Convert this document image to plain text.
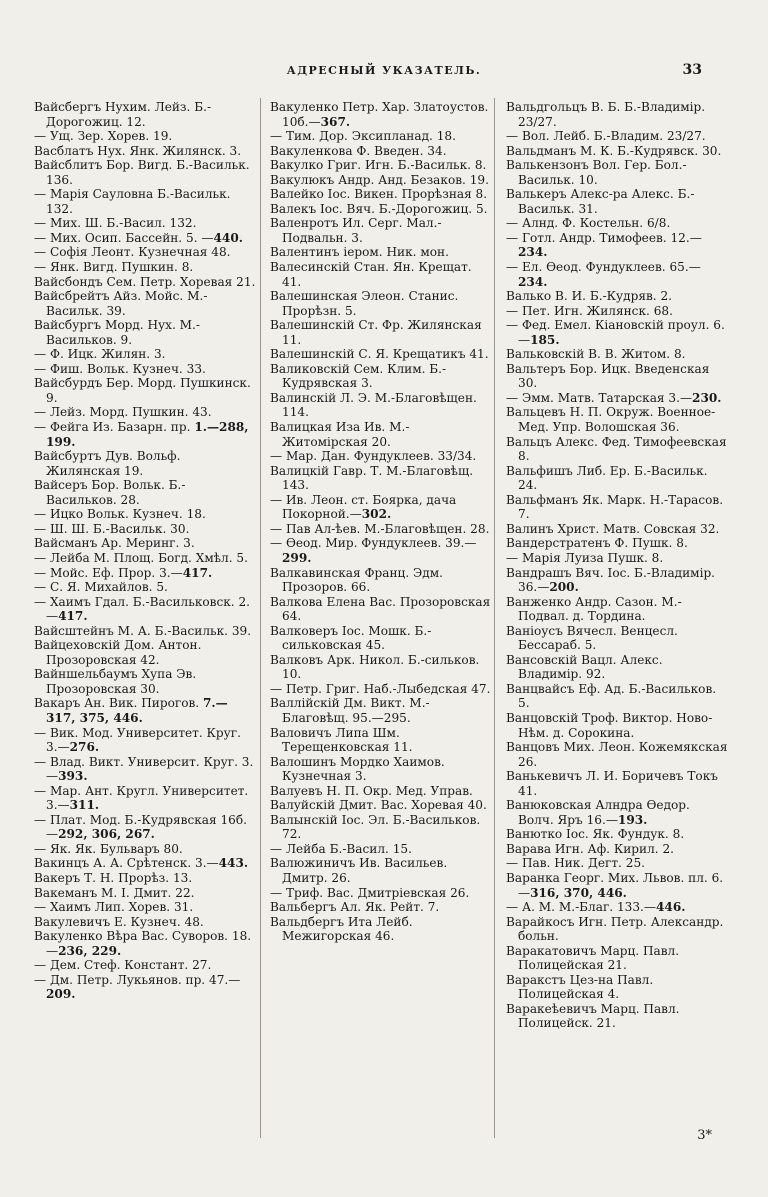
АДРЕСНЫЙ УКАЗАТЕЛЬ.	33

Вайсбергъ Нухим. Лейз. Б.-Дорогожиц. 12.

— Ущ. Зер. Хорев. 19.

Васблатъ Нух. Янк. Жилянск. 3.

Вайсблитъ Бор. Вигд. Б.-Васильк. 136.

— Марія Сауловна Б.-Васильк. 132.

— Мих. Ш. Б.-Васил. 132.

— Мих. Осип. Бассейн. 5. —440.

— Софія Леонт. Кузнечная 48.

— Янк. Вигд. Пушкин. 8.

Вайсбондъ Сем. Петр. Хоревая 21.

Вайсбрейтъ Айз. Мойс. М.-Васильк. 39.

Вайсбургъ Морд. Нух. М.-Васильков. 9.

— Ф. Ицк. Жилян. 3.

— Фиш. Вольк. Кузнеч. 33.

Вайсбурдъ Бер. Морд. Пушкинск. 9.

— Лейз. Морд. Пушкин. 43.

— Фейга Из. Базарн. пр. 1.—288, 199.

Вайсбуртъ Дув. Вольф. Жилянская 19.

Вайсеръ Бор. Вольк. Б.-Васильков. 28.

— Ицко Вольк. Кузнеч. 18.

— Ш. Ш. Б.-Васильк. 30.

Вайсманъ Ар. Меринг. 3.

— Лейба М. Площ. Богд. Хмѣл. 5.

— Мойс. Еф. Прор. 3.—417.

— С. Я. Михайлов. 5.

— Хаимъ Гдал. Б.-Васильковск. 2.—417.

Вайсштейнъ М. А. Б.-Васильк. 39.

Вайцеховскій Дом. Антон. Прозоровская 42.

Вайншельбаумъ Хупа Эв. Прозоровская 30.

Вакаръ Ан. Вик. Пирогов. 7.—317, 375, 446.

— Вик. Мод. Университет. Круг. 3.—276.

— Влад. Викт. Университ. Круг. 3.—393.

— Мар. Ант. Кругл. Университет. 3.—311.

— Плат. Мод. Б.-Кудрявская 16б.—292, 306, 267.

— Як. Як. Бульваръ 80.

Вакинцъ А. А. Срѣтенск. 3.—443.

Вакеръ Т. Н. Прорѣз. 13.

Вакеманъ М. І. Дмит. 22.

— Хаимъ Лип. Хорев. 31.

Вакулевичъ Е. Кузнеч. 48.

Вакуленко Вѣра Вас. Суворов. 18.—236, 229.

— Дем. Стеф. Констант. 27.

— Дм. Петр. Лукьянов. пр. 47.—209.

Вакуленко Петр. Хар. Златоустов. 10б.—367.

— Тим. Дор. Эксипланад. 18.

Вакуленкова Ф. Введен. 34.

Вакулко Григ. Игн. Б.-Васильк. 8.

Вакулюкъ Андр. Анд. Безаков. 19.

Валейко Іос. Викен. Прорѣзная 8.

Валекъ Іос. Вяч. Б.-Дорогожиц. 5.

Валенротъ Ил. Серг. Мал.-Подвальн. 3.

Валентинъ іером. Ник. мон.

Валесинскій Стан. Ян. Крещат. 41.

Валешинская Элеон. Станис. Прорѣзн. 5.

Валешинскій Ст. Фр. Жилянская 11.

Валешинскій С. Я. Крещатикъ 41.

Валиковскій Сем. Клим. Б.-Кудрявская 3.

Валинскій Л. Э. М.-Благовѣщен. 114.

Валицкая Иза Ив. М.-Житомірская 20.

— Мар. Дан. Фундуклеев. 33/34.

Валицкій Гавр. Т. М.-Благовѣщ. 143.

— Ив. Леон. ст. Боярка, дача Покорной.—302.

— Пав Ал-ѣев. М.-Благовѣщен. 28.

— Өеод. Мир. Фундуклеев. 39.—299.

Валкавинская Франц. Эдм. Прозоров. 66.

Валкова Елена Вас. Прозоровская 64.

Валковеръ Іос. Мошк. Б.-сильковская 45.

Валковъ Арк. Никол. Б.-сильков. 10.

— Петр. Григ. Наб.-Лыбедская 47.

Валлійскій Дм. Викт. М.-Благовѣщ. 95.—295.

Валовичъ Липа Шм. Терещенковская 11.

Валошинъ Мордко Хаимов. Кузнечная 3.

Валуевъ Н. П. Окр. Мед. Управ.

Валуйскій Дмит. Вас. Хоревая 40.

Валынскій Іос. Эл. Б.-Васильков. 72.

— Лейба Б.-Васил. 15.

Валюжиничъ Ив. Васильев. Дмитр. 26.

— Триф. Вас. Дмитріевская 26.

Вальбергъ Ал. Як. Рейт. 7.

Вальдбергъ Ита Лейб. Межигорская 46.

Вальдгольцъ В. Б. Б.-Владимір. 23/27.

— Вол. Лейб. Б.-Владим. 23/27.

Вальдманъ М. К. Б.-Кудрявск. 30.

Валькензонъ Вол. Гер. Бол.-Васильк. 10.

Валькеръ Алекс-ра Алекс. Б.-Васильк. 31.

— Алнд. Ф. Костельн. 6/8.

— Готл. Андр. Тимофеев. 12.—234.

— Ел. Өеод. Фундуклеев. 65.—234.

Валько В. И. Б.-Кудряв. 2.

— Пет. Игн. Жилянск. 68.

— Фед. Емел. Кіановскій проул. 6.—185.

Вальковскій В. В. Житом. 8.

Вальтеръ Бор. Ицк. Введенская 30.

— Эмм. Матв. Татарская 3.—230.

Вальцевъ Н. П. Окруж. Военное-Мед. Упр. Волошская 36.

Вальцъ Алекс. Фед. Тимофеевская 8.

Вальфишъ Либ. Ер. Б.-Васильк. 24.

Вальфманъ Як. Марк. Н.-Тарасов. 7.

Валинъ Христ. Матв. Совская 32.

Вандерстратенъ Ф. Пушк. 8.

— Марія Луиза Пушк. 8.

Вандрашъ Вяч. Іос. Б.-Владимір. 36.—200.

Ванженко Андр. Сазон. М.-Подвал. д. Тордина.

Ваніоусъ Вячесл. Венцесл. Бессараб. 5.

Вансовскій Вацл. Алекс. Владимір. 92.

Ванцвайсъ Еф. Ад. Б.-Васильков. 5.

Ванцовскій Троф. Виктор. Ново-Нѣм. д. Сорокина.

Ванцовъ Мих. Леон. Кожемякская 26.

Ванькевичъ Л. И. Боричевъ Токъ 41.

Ванюковская Алндра Өедор. Волч. Яръ 16.—193.

Ванютко Іос. Як. Фундук. 8.

Варава Игн. Аф. Кирил. 2.

— Пав. Ник. Дегт. 25.

Варанка Георг. Мих. Львов. пл. 6.—316, 370, 446.

— А. М. М.-Благ. 133.—446.

Варайкосъ Игн. Петр. Александр. больн.

Варакатовичъ Марц. Павл. Полицейская 21.

Варакстъ Цез-на Павл. Полицейская 4.

Варакеѣевичъ Марц. Павл. Полицейск. 21.

3*
